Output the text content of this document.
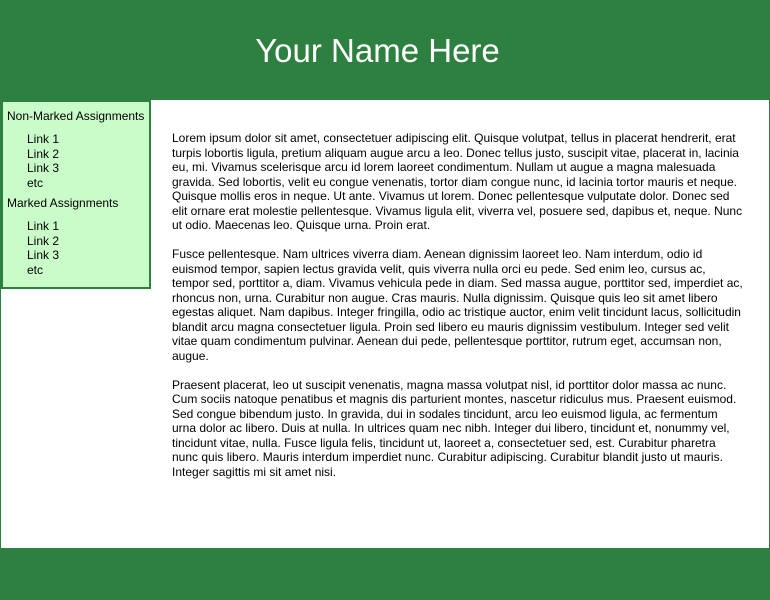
Your Name Here
Non-Marked Assignments
Link 1
Link 2
Link 3
etc
Marked Assignments
Link 1
Link 2
Link 3
etc

Lorem ipsum dolor sit amet, consectetuer adipiscing elit. Quisque volutpat, tellus in placerat hendrerit, erat turpis lobortis ligula, pretium aliquam augue arcu a leo. Donec tellus justo, suscipit vitae, placerat in, lacinia eu, mi. Vivamus scelerisque arcu id lorem laoreet condimentum. Nullam ut augue a magna malesuada gravida. Sed lobortis, velit eu congue venenatis, tortor diam congue nunc, id lacinia tortor mauris et neque. Quisque mollis eros in neque. Ut ante. Vivamus ut lorem. Donec pellentesque vulputate dolor. Donec sed elit ornare erat molestie pellentesque. Vivamus ligula elit, viverra vel, posuere sed, dapibus et, neque. Nunc ut odio. Maecenas leo. Quisque urna. Proin erat.

Fusce pellentesque. Nam ultrices viverra diam. Aenean dignissim laoreet leo. Nam interdum, odio id euismod tempor, sapien lectus gravida velit, quis viverra nulla orci eu pede. Sed enim leo, cursus ac, tempor sed, porttitor a, diam. Vivamus vehicula pede in diam. Sed massa augue, porttitor sed, imperdiet ac, rhoncus non, urna. Curabitur non augue. Cras mauris. Nulla dignissim. Quisque quis leo sit amet libero egestas aliquet. Nam dapibus. Integer fringilla, odio ac tristique auctor, enim velit tincidunt lacus, sollicitudin blandit arcu magna consectetuer ligula. Proin sed libero eu mauris dignissim vestibulum. Integer sed velit vitae quam condimentum pulvinar. Aenean dui pede, pellentesque porttitor, rutrum eget, accumsan non, augue.

Praesent placerat, leo ut suscipit venenatis, magna massa volutpat nisl, id porttitor dolor massa ac nunc. Cum sociis natoque penatibus et magnis dis parturient montes, nascetur ridiculus mus. Praesent euismod. Sed congue bibendum justo. In gravida, dui in sodales tincidunt, arcu leo euismod ligula, ac fermentum urna dolor ac libero. Duis at nulla. In ultrices quam nec nibh. Integer dui libero, tincidunt et, nonummy vel, tincidunt vitae, nulla. Fusce ligula felis, tincidunt ut, laoreet a, consectetuer sed, est. Curabitur pharetra nunc quis libero. Mauris interdum imperdiet nunc. Curabitur adipiscing. Curabitur blandit justo ut mauris. Integer sagittis mi sit amet nisi.
